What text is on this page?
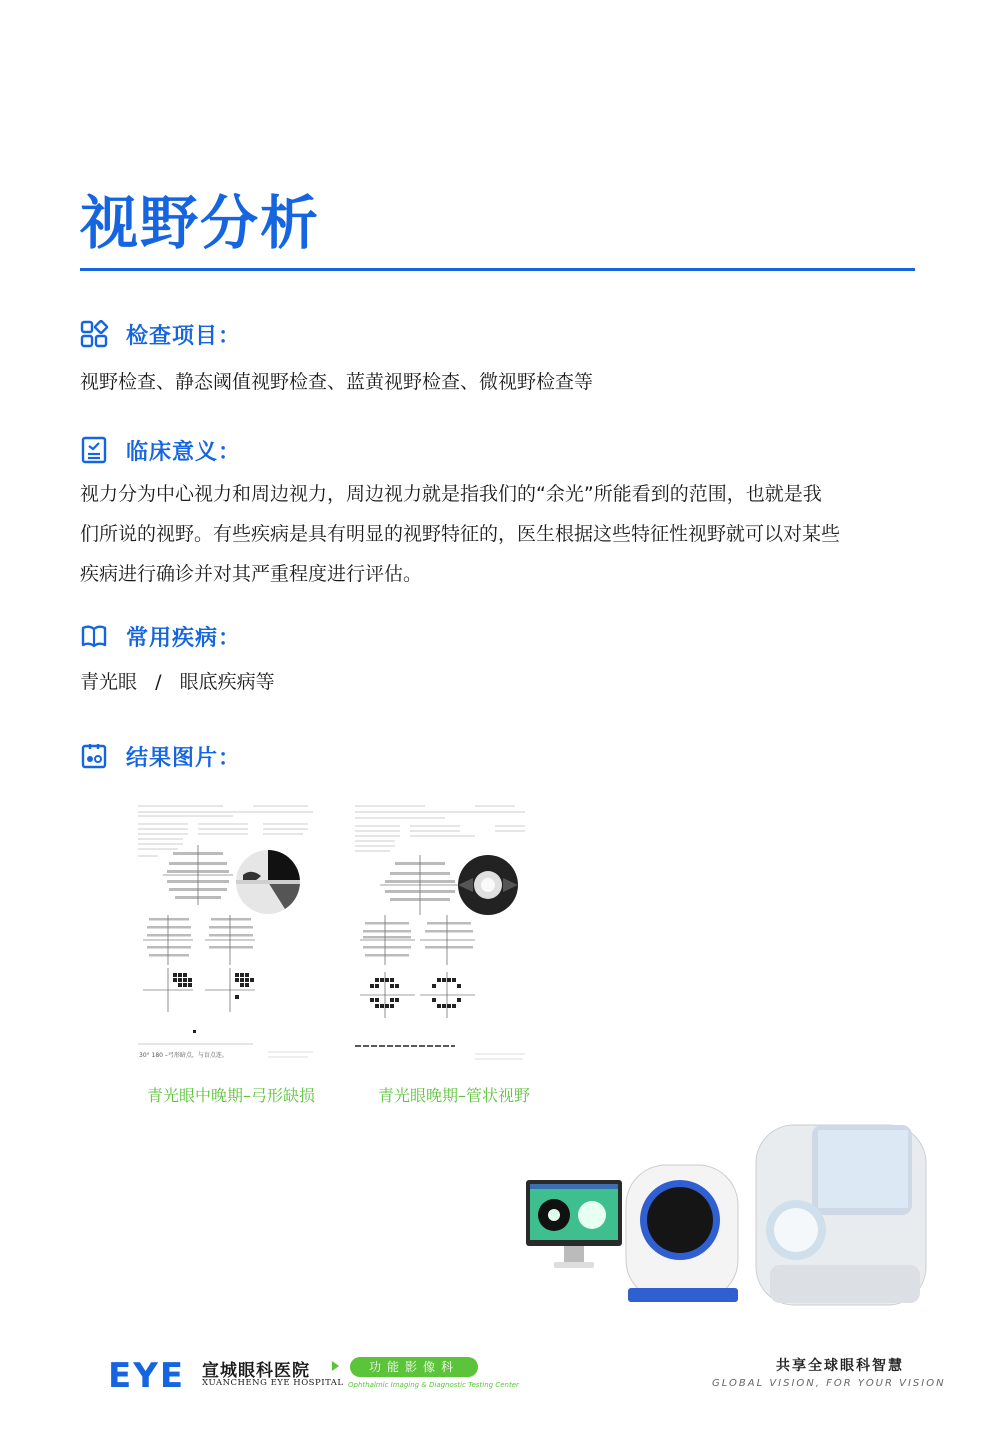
视野分析
检查项目：

视野检查、静态阈值视野检查、蓝黄视野检查、微视野检查等

临床意义：

视力分为中心视力和周边视力，周边视力就是指我们的“余光”所能看到的范围，也就是我

们所说的视野。有些疾病是具有明显的视野特征的，医生根据这些特征性视野就可以对某些

疾病进行确诊并对其严重程度进行评估。

常用疾病：

青光眼   /   眼底疾病等

结果图片：
30° 180 –弓形暗点，与盲点连。
青光眼中晚期–弓形缺损	青光眼晚期–管状视野
EYE 宣城眼科医院
XUANCHENG EYE HOSPITAL
功能影像科
Ophthalmic Imaging & Diagnostic Testing Center
共享全球眼科智慧
GLOBAL VISION, FOR YOUR VISION
